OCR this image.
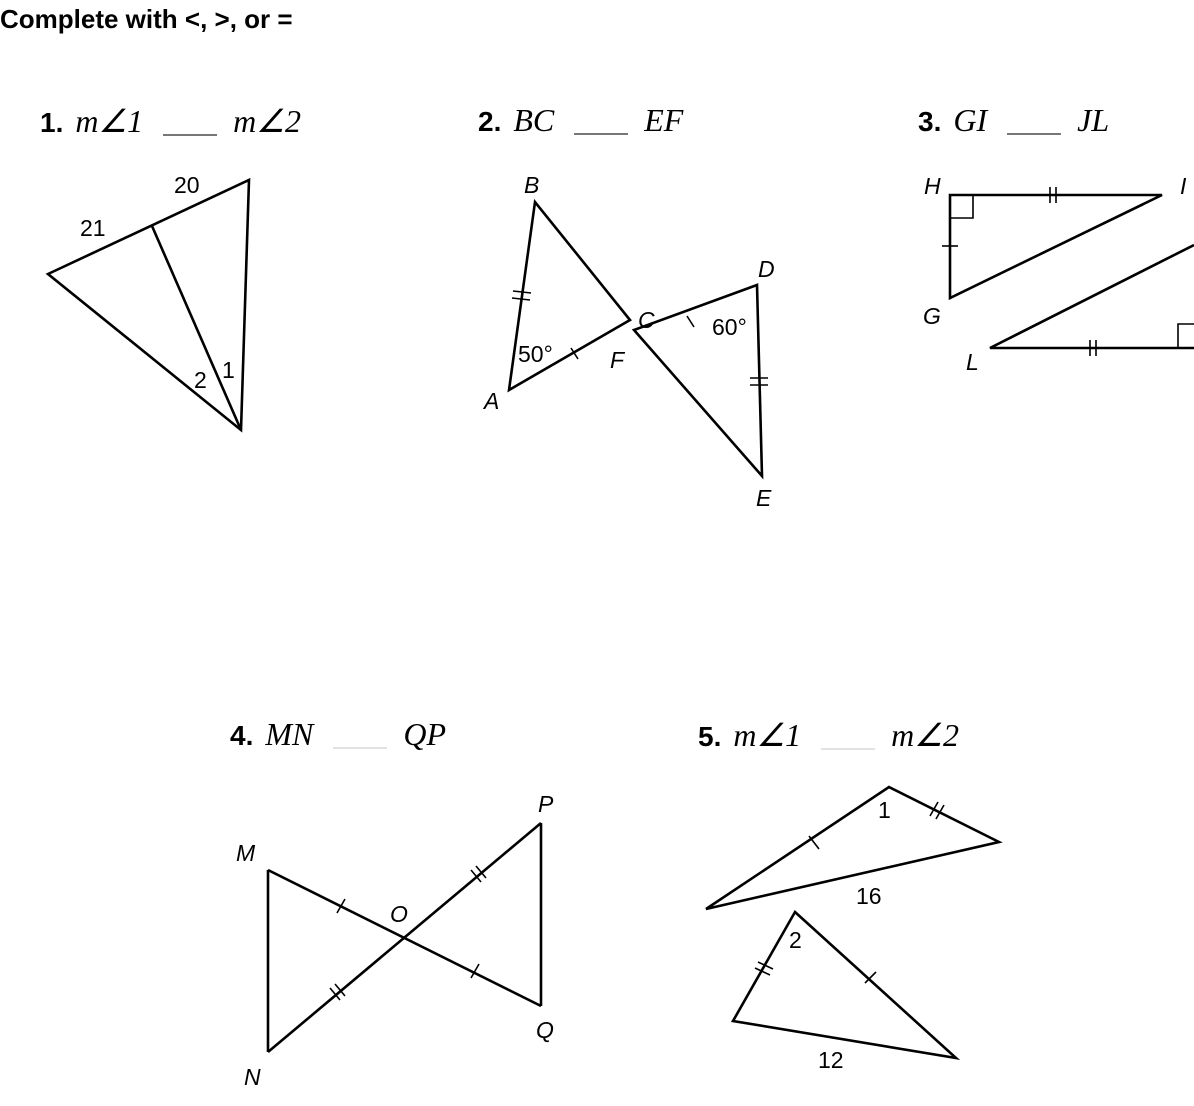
Complete with <, >, or =
1. m∠1	m∠2	2. BC	EF	3. GI	JL
4. MN	QP	5. m∠1	m∠2
21
20
2 1
B
A
C
D
E
F
50°
60°
H	I
G
L
M
N
O
P
Q
1
16
2
12
